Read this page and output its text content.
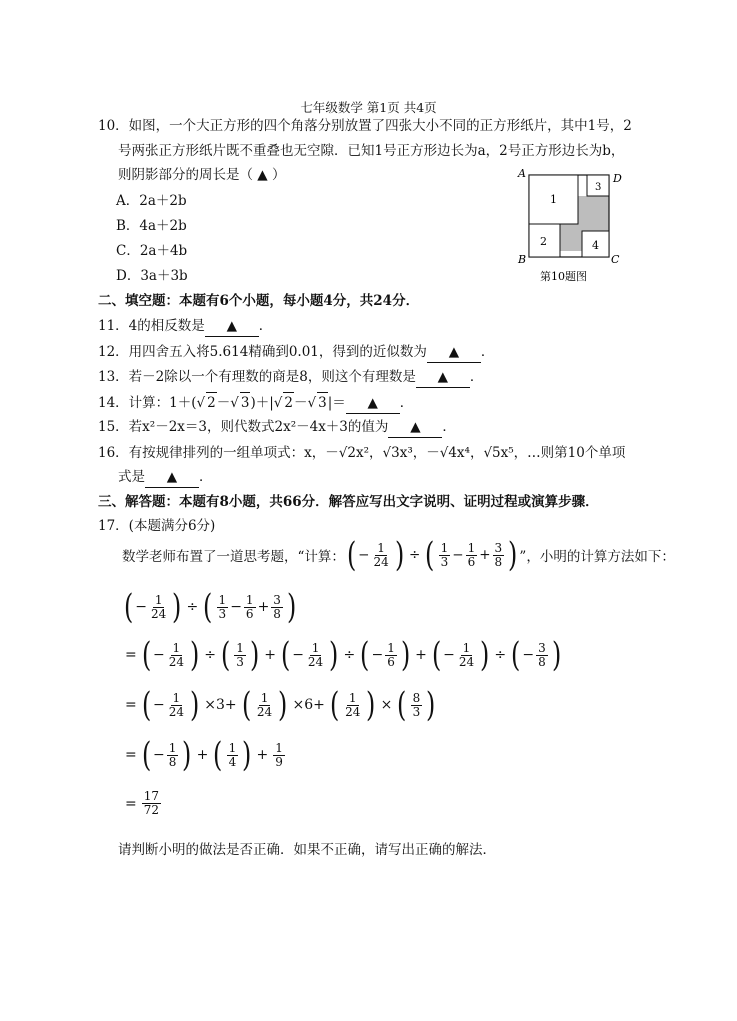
七年级数学 第1页 共4页
10．如图，一个大正方形的四个角落分别放置了四张大小不同的正方形纸片，其中1号，2
号两张正方形纸片既不重叠也无空隙．已知1号正方形边长为a，2号正方形边长为b，
则阴影部分的周长是（ ▲ ）
A．2a＋2b
B．4a＋2b
C．2a＋4b
D．3a＋3b
1
2
3
4
A	D
B	C
第10题图
二、填空题：本题有6个小题，每小题4分，共24分．
11．4的相反数是 ▲ ．
12．用四舍五入将5.614精确到0.01，得到的近似数为 ▲ ．
13．若－2除以一个有理数的商是8，则这个有理数是 ▲ ．
14．计算：1＋(√ 2－√ 3)＋|√ 2－√ 3|＝ ▲ ．
15．若x²－2x＝3，则代数式2x²－4x＋3的值为 ▲ ．
16．有按规律排列的一组单项式：x，－√2x²，√3x³，－√4x⁴，√5x⁵，…则第10个单项
式是 ▲ ．
三、解答题：本题有8小题，共66分．解答应写出文字说明、证明过程或演算步骤．
17．(本题满分6分)
数学老师布置了一道思考题，“计算： ( − $\frac{1}{24}$ ) ÷ ( $\frac{1}{3} - \frac{1}{6} + \frac{3}{8}$ ) ”，小明的计算方法如下：
( − $\frac{1}{24}$ ) ÷ ( $\frac{1}{3} - \frac{1}{6} + \frac{3}{8}$ )
= ( − $\frac{1}{24}$ ) ÷ ( $\frac{1}{3}$ ) + ( − $\frac{1}{24}$ ) ÷ ( − $\frac{1}{6}$ ) + ( − $\frac{1}{24}$ ) ÷ ( − $\frac{3}{8}$ )
= ( − $\frac{1}{24}$ ) ×3+ ( $\frac{1}{24}$ ) ×6+ ( $\frac{1}{24}$ ) × ( $\frac{8}{3}$ )
= ( − $\frac{1}{8}$ ) + ( $\frac{1}{4}$ ) + $\frac{1}{9}$
= $\frac{17}{72}$
请判断小明的做法是否正确．如果不正确，请写出正确的解法．
